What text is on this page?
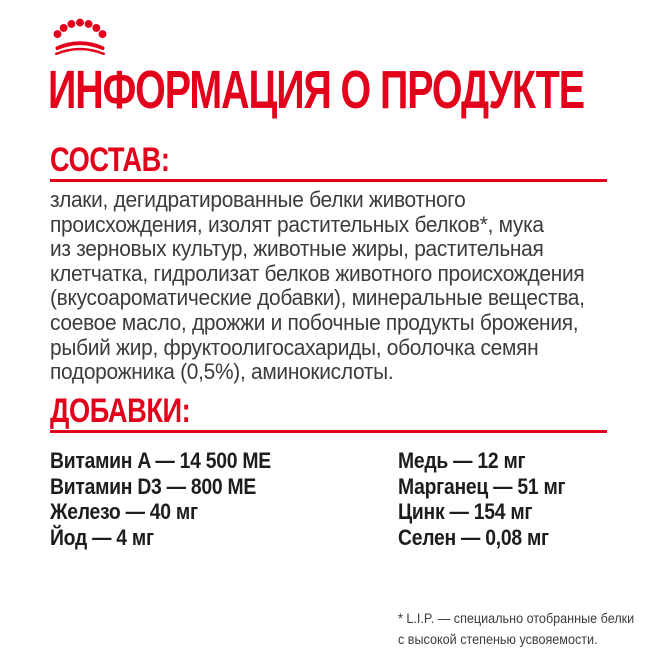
ИНФОРМАЦИЯ О ПРОДУКТЕ
СОСТАВ:
злаки, дегидратированные белки животного
происхождения, изолят растительных белков*, мука
из зерновых культур, животные жиры, растительная
клетчатка, гидролизат белков животного происхождения
(вкусоароматические добавки), минеральные вещества,
соевое масло, дрожжи и побочные продукты брожения,
рыбий жир, фруктоолигосахариды, оболочка семян
подорожника (0,5%), аминокислоты.
ДОБАВКИ:
Витамин A — 14 500 МЕ
Витамин D3 — 800 МЕ
Железо — 40 мг
Йод — 4 мг
Медь — 12 мг
Марганец — 51 мг
Цинк — 154 мг
Селен — 0,08 мг
* L.I.P. — специально отобранные белки
с высокой степенью усвояемости.
